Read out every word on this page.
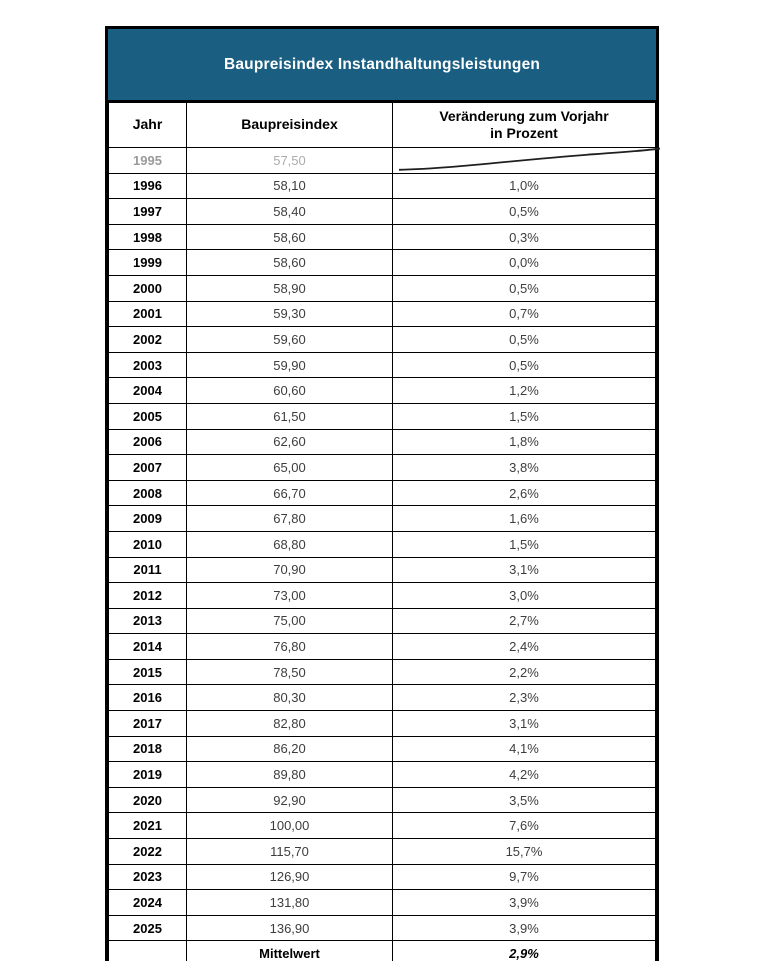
Baupreisindex Instandhaltungsleistungen
Jahr	Baupreisindex	Veränderung zum Vorjahr
in Prozent

1995	57,50	

1996	58,10	1,0%
1997	58,40	0,5%
1998	58,60	0,3%
1999	58,60	0,0%
2000	58,90	0,5%
2001	59,30	0,7%
2002	59,60	0,5%
2003	59,90	0,5%
2004	60,60	1,2%
2005	61,50	1,5%
2006	62,60	1,8%
2007	65,00	3,8%
2008	66,70	2,6%
2009	67,80	1,6%
2010	68,80	1,5%
2011	70,90	3,1%
2012	73,00	3,0%
2013	75,00	2,7%
2014	76,80	2,4%
2015	78,50	2,2%
2016	80,30	2,3%
2017	82,80	3,1%
2018	86,20	4,1%
2019	89,80	4,2%
2020	92,90	3,5%
2021	100,00	7,6%
2022	115,70	15,7%
2023	126,90	9,7%
2024	131,80	3,9%
2025	136,90	3,9%
	Mittelwert	2,9%
